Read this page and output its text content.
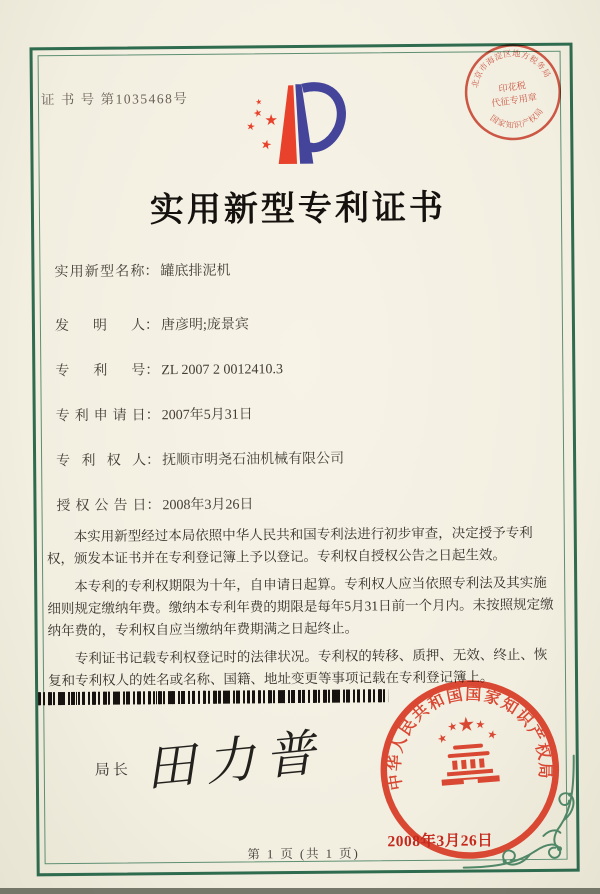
证 书 号 第1035468号
北京市海淀区地方税务局
国家知识产权局
印花税
代征专用章
实用新型专利证书
实用新型名称： 罐底排泥机
发明人： 唐彦明;庞景宾
专利号： ZL 2007 2 0012410.3
专利申请日： 2007年5月31日
专利权人： 抚顺市明尧石油机械有限公司
授权公告日： 2008年3月26日

本实用新型经过本局依照中华人民共和国专利法进行初步审查，决定授予专利权，颁发本证书并在专利登记簿上予以登记。专利权自授权公告之日起生效。

本专利的专利权期限为十年，自申请日起算。专利权人应当依照专利法及其实施细则规定缴纳年费。缴纳本专利年费的期限是每年5月31日前一个月内。未按照规定缴纳年费的，专利权自应当缴纳年费期满之日起终止。

专利证书记载专利权登记时的法律状况。专利权的转移、质押、无效、终止、恢复和专利权人的姓名或名称、国籍、地址变更等事项记载在专利登记簿上。

局长 田力普	中华人民共和国国家知识产权局
2008年3月26日
第 1 页 (共 1 页)
